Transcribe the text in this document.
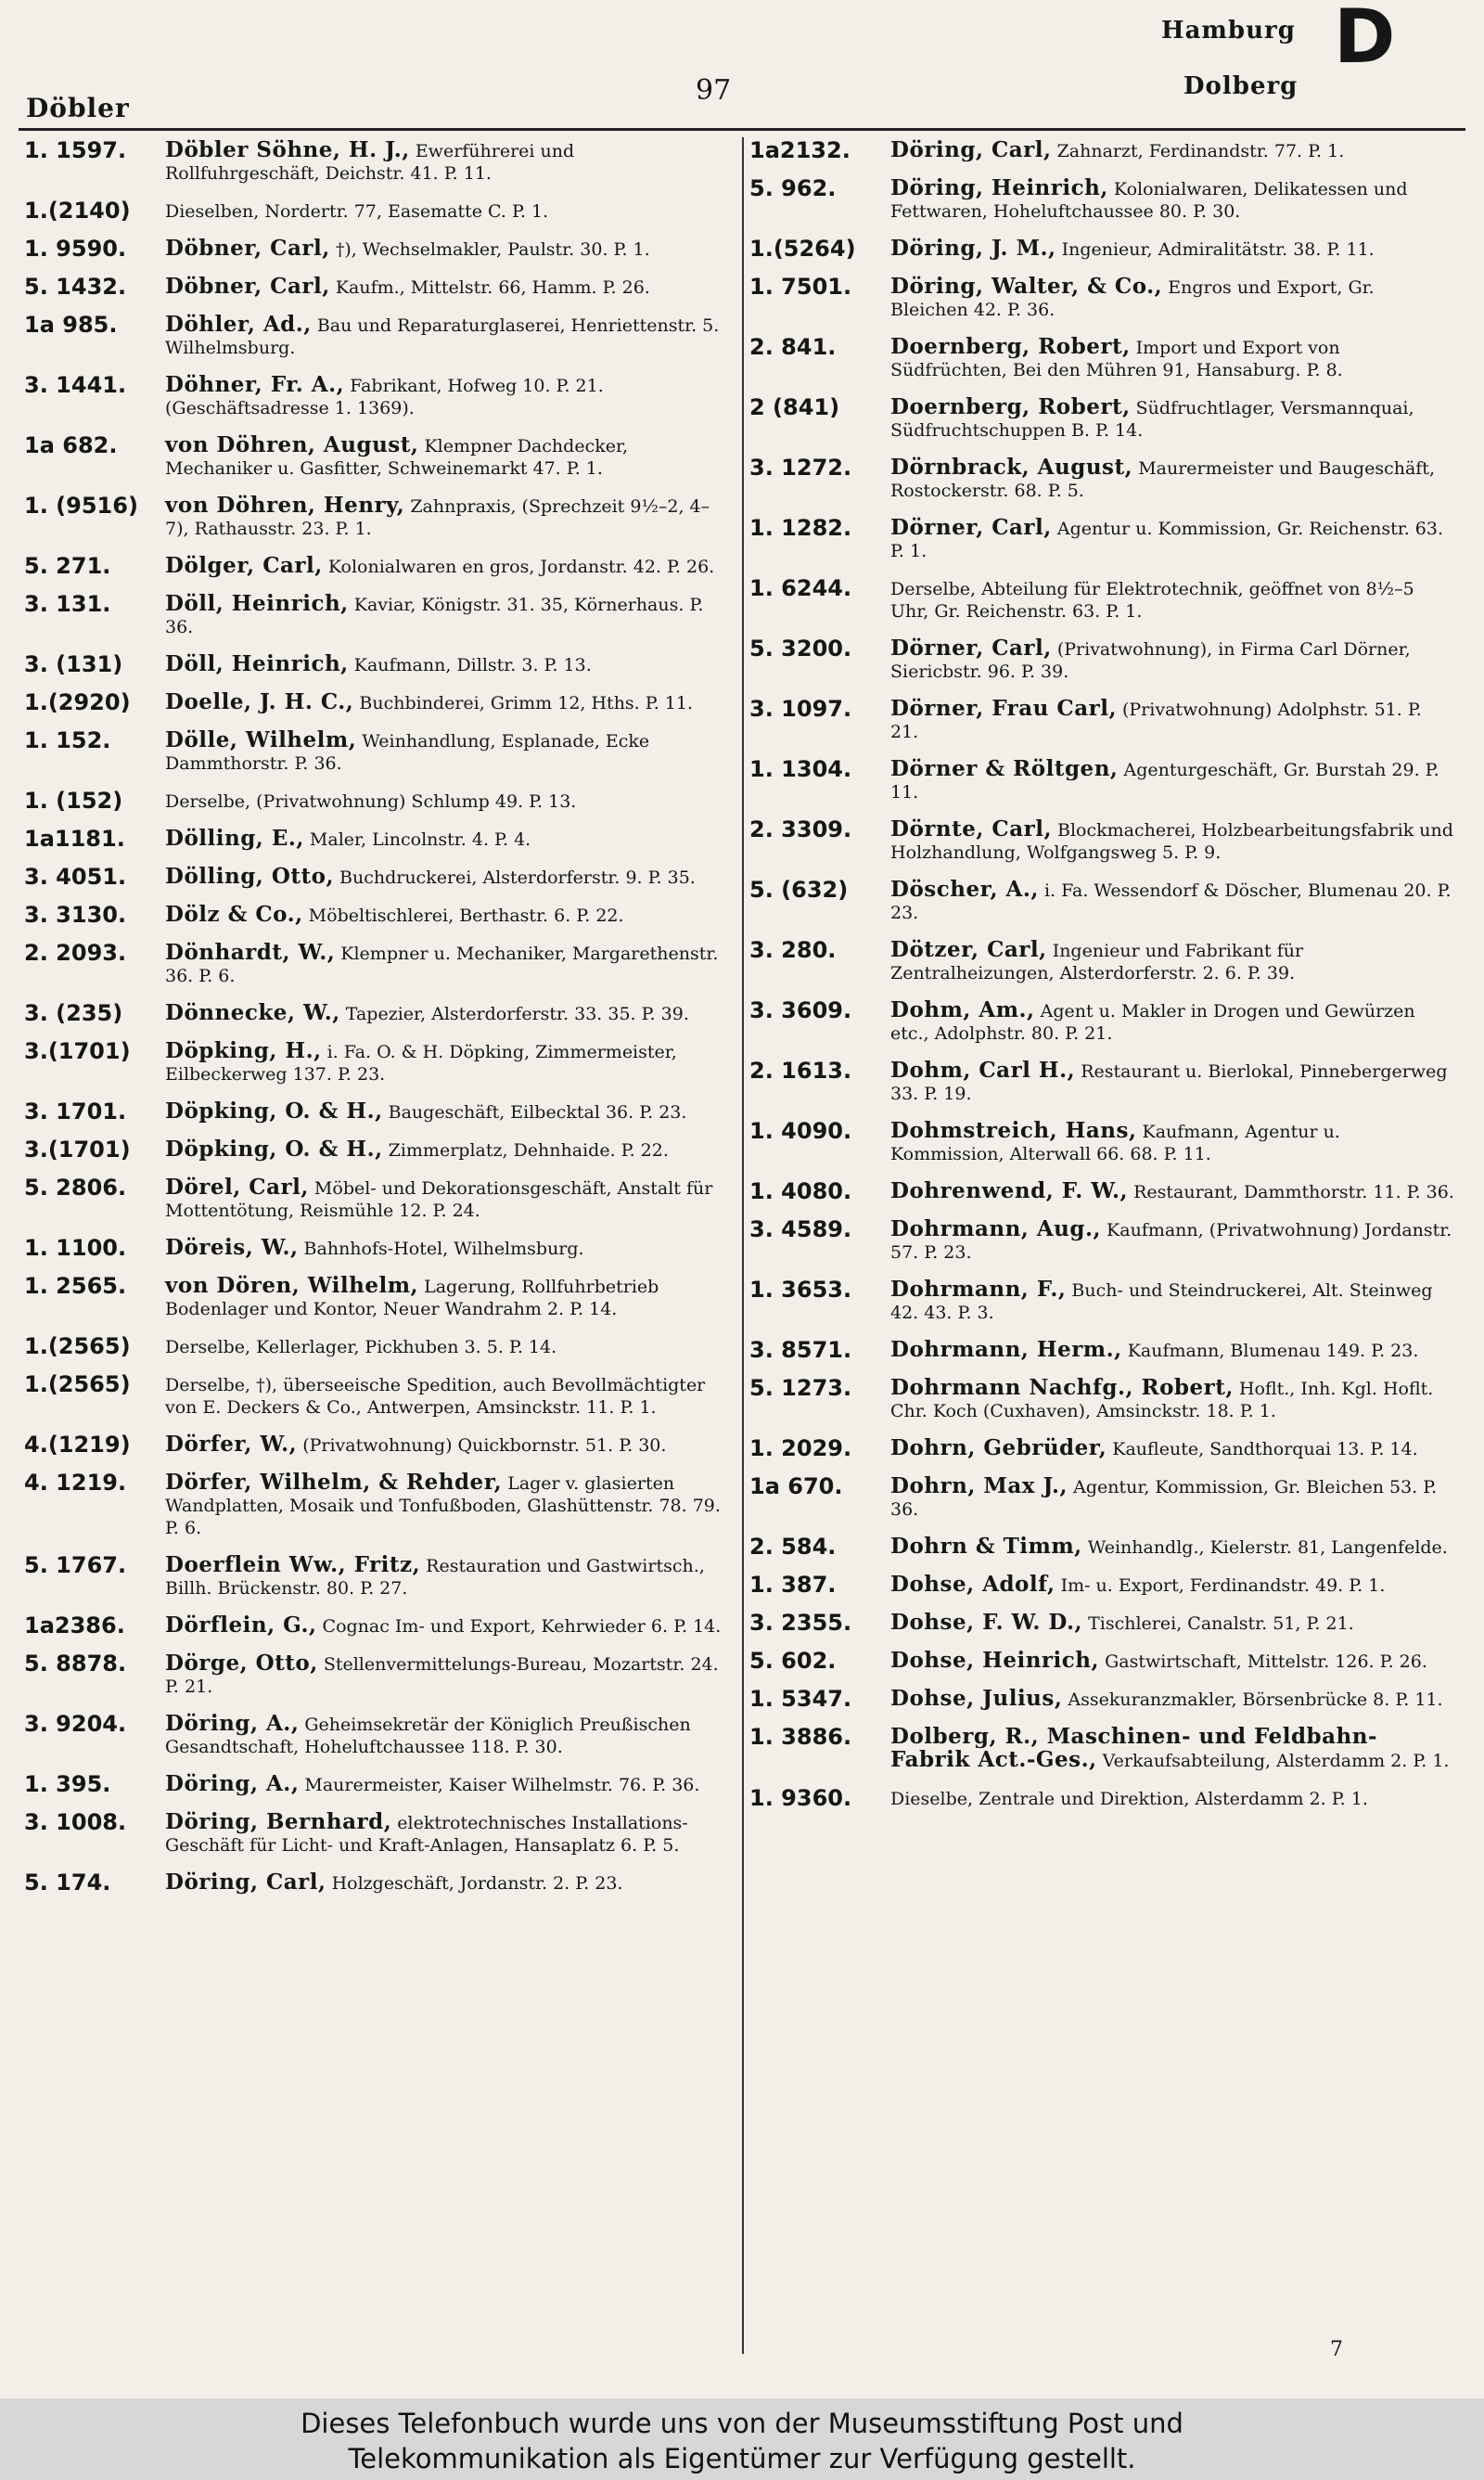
Döbler
97
Hamburg
Dolberg
D
1. 1597.	Döbler Söhne, H. J., Ewerführerei und Rollfuhrgeschäft, Deichstr. 41. P. 11.
1.(2140)	Dieselben, Nordertr. 77, Easematte C. P. 1.
1. 9590.	Döbner, Carl, †), Wechselmakler, Paulstr. 30. P. 1.
5. 1432.	Döbner, Carl, Kaufm., Mittelstr. 66, Hamm. P. 26.
1a 985.	Döhler, Ad., Bau und Reparaturglaserei, Henriettenstr. 5. Wilhelmsburg.
3. 1441.	Döhner, Fr. A., Fabrikant, Hofweg 10. P. 21. (Geschäftsadresse 1. 1369).
1a 682.	von Döhren, August, Klempner Dachdecker, Mechaniker u. Gasfitter, Schweinemarkt 47. P. 1.
1. (9516)	von Döhren, Henry, Zahnpraxis, (Sprechzeit 9½–2, 4–7), Rathausstr. 23. P. 1.
5. 271.	Dölger, Carl, Kolonialwaren en gros, Jordanstr. 42. P. 26.
3. 131.	Döll, Heinrich, Kaviar, Königstr. 31. 35, Körnerhaus. P. 36.
3. (131)	Döll, Heinrich, Kaufmann, Dillstr. 3. P. 13.
1.(2920)	Doelle, J. H. C., Buchbinderei, Grimm 12, Hths. P. 11.
1. 152.	Dölle, Wilhelm, Weinhandlung, Esplanade, Ecke Dammthorstr. P. 36.
1. (152)	Derselbe, (Privatwohnung) Schlump 49. P. 13.
1a1181.	Dölling, E., Maler, Lincolnstr. 4. P. 4.
3. 4051.	Dölling, Otto, Buchdruckerei, Alsterdorferstr. 9. P. 35.
3. 3130.	Dölz & Co., Möbeltischlerei, Berthastr. 6. P. 22.
2. 2093.	Dönhardt, W., Klempner u. Mechaniker, Margarethenstr. 36. P. 6.
3. (235)	Dönnecke, W., Tapezier, Alsterdorferstr. 33. 35. P. 39.
3.(1701)	Döpking, H., i. Fa. O. & H. Döpking, Zimmermeister, Eilbeckerweg 137. P. 23.
3. 1701.	Döpking, O. & H., Baugeschäft, Eilbecktal 36. P. 23.
3.(1701)	Döpking, O. & H., Zimmerplatz, Dehnhaide. P. 22.
5. 2806.	Dörel, Carl, Möbel- und Dekorationsgeschäft, Anstalt für Mottentötung, Reismühle 12. P. 24.
1. 1100.	Döreis, W., Bahnhofs-Hotel, Wilhelmsburg.
1. 2565.	von Dören, Wilhelm, Lagerung, Rollfuhrbetrieb Bodenlager und Kontor, Neuer Wandrahm 2. P. 14.
1.(2565)	Derselbe, Kellerlager, Pickhuben 3. 5. P. 14.
1.(2565)	Derselbe, †), überseeische Spedition, auch Bevollmächtigter von E. Deckers & Co., Antwerpen, Amsinckstr. 11. P. 1.
4.(1219)	Dörfer, W., (Privatwohnung) Quickbornstr. 51. P. 30.
4. 1219.	Dörfer, Wilhelm, & Rehder, Lager v. glasierten Wandplatten, Mosaik und Tonfußboden, Glashüttenstr. 78. 79. P. 6.
5. 1767.	Doerflein Ww., Fritz, Restauration und Gastwirtsch., Billh. Brückenstr. 80. P. 27.
1a2386.	Dörflein, G., Cognac Im- und Export, Kehrwieder 6. P. 14.
5. 8878.	Dörge, Otto, Stellenvermittelungs-Bureau, Mozartstr. 24. P. 21.
3. 9204.	Döring, A., Geheimsekretär der Königlich Preußischen Gesandtschaft, Hoheluftchaussee 118. P. 30.
1. 395.	Döring, A., Maurermeister, Kaiser Wilhelmstr. 76. P. 36.
3. 1008.	Döring, Bernhard, elektrotechnisches Installations-Geschäft für Licht- und Kraft-Anlagen, Hansaplatz 6. P. 5.
5. 174.	Döring, Carl, Holzgeschäft, Jordanstr. 2. P. 23.
1a2132.	Döring, Carl, Zahnarzt, Ferdinandstr. 77. P. 1.
5. 962.	Döring, Heinrich, Kolonialwaren, Delikatessen und Fettwaren, Hoheluftchaussee 80. P. 30.
1.(5264)	Döring, J. M., Ingenieur, Admiralitätstr. 38. P. 11.
1. 7501.	Döring, Walter, & Co., Engros und Export, Gr. Bleichen 42. P. 36.
2. 841.	Doernberg, Robert, Import und Export von Südfrüchten, Bei den Mühren 91, Hansaburg. P. 8.
2 (841)	Doernberg, Robert, Südfruchtlager, Versmannquai, Südfruchtschuppen B. P. 14.
3. 1272.	Dörnbrack, August, Maurermeister und Baugeschäft, Rostockerstr. 68. P. 5.
1. 1282.	Dörner, Carl, Agentur u. Kommission, Gr. Reichenstr. 63. P. 1.
1. 6244.	Derselbe, Abteilung für Elektrotechnik, geöffnet von 8½–5 Uhr, Gr. Reichenstr. 63. P. 1.
5. 3200.	Dörner, Carl, (Privatwohnung), in Firma Carl Dörner, Siericbstr. 96. P. 39.
3. 1097.	Dörner, Frau Carl, (Privatwohnung) Adolphstr. 51. P. 21.
1. 1304.	Dörner & Röltgen, Agenturgeschäft, Gr. Burstah 29. P. 11.
2. 3309.	Dörnte, Carl, Blockmacherei, Holzbearbeitungsfabrik und Holzhandlung, Wolfgangsweg 5. P. 9.
5. (632)	Döscher, A., i. Fa. Wessendorf & Döscher, Blumenau 20. P. 23.
3. 280.	Dötzer, Carl, Ingenieur und Fabrikant für Zentralheizungen, Alsterdorferstr. 2. 6. P. 39.
3. 3609.	Dohm, Am., Agent u. Makler in Drogen und Gewürzen etc., Adolphstr. 80. P. 21.
2. 1613.	Dohm, Carl H., Restaurant u. Bierlokal, Pinnebergerweg 33. P. 19.
1. 4090.	Dohmstreich, Hans, Kaufmann, Agentur u. Kommission, Alterwall 66. 68. P. 11.
1. 4080.	Dohrenwend, F. W., Restaurant, Dammthorstr. 11. P. 36.
3. 4589.	Dohrmann, Aug., Kaufmann, (Privatwohnung) Jordanstr. 57. P. 23.
1. 3653.	Dohrmann, F., Buch- und Steindruckerei, Alt. Steinweg 42. 43. P. 3.
3. 8571.	Dohrmann, Herm., Kaufmann, Blumenau 149. P. 23.
5. 1273.	Dohrmann Nachfg., Robert, Hoflt., Inh. Kgl. Hoflt. Chr. Koch (Cuxhaven), Amsinckstr. 18. P. 1.
1. 2029.	Dohrn, Gebrüder, Kaufleute, Sandthorquai 13. P. 14.
1a 670.	Dohrn, Max J., Agentur, Kommission, Gr. Bleichen 53. P. 36.
2. 584.	Dohrn & Timm, Weinhandlg., Kielerstr. 81, Langenfelde.
1. 387.	Dohse, Adolf, Im- u. Export, Ferdinandstr. 49. P. 1.
3. 2355.	Dohse, F. W. D., Tischlerei, Canalstr. 51, P. 21.
5. 602.	Dohse, Heinrich, Gastwirtschaft, Mittelstr. 126. P. 26.
1. 5347.	Dohse, Julius, Assekuranzmakler, Börsenbrücke 8. P. 11.
1. 3886.	Dolberg, R., Maschinen- und Feldbahn-Fabrik Act.-Ges., Verkaufsabteilung, Alsterdamm 2. P. 1.
1. 9360.	Dieselbe, Zentrale und Direktion, Alsterdamm 2. P. 1.
7
Dieses Telefonbuch wurde uns von der Museumsstiftung Post und
Telekommunikation als Eigentümer zur Verfügung gestellt.
